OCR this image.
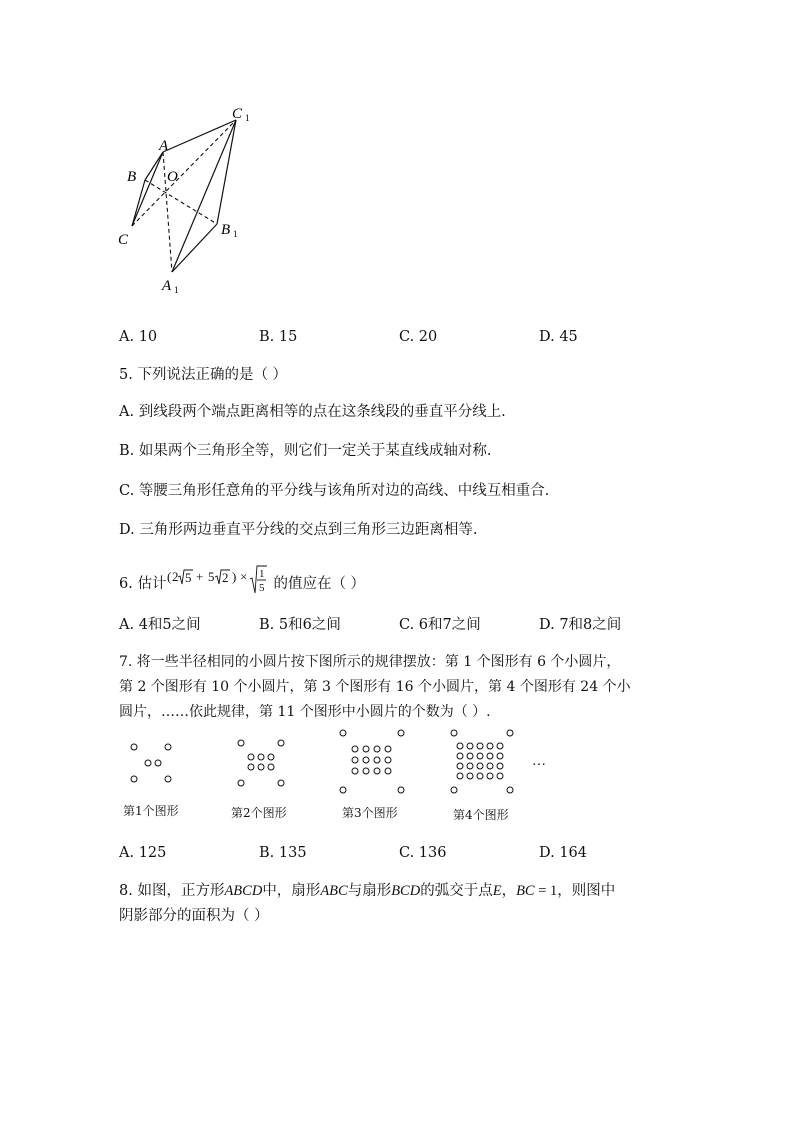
A
B O
C
C 1
B 1
A 1
A. 10	B. 15	C. 20	D. 45
5. 下列说法正确的是（ ）
A. 到线段两个端点距离相等的点在这条线段的垂直平分线上.
B. 如果两个三角形全等，则它们一定关于某直线成轴对称.
C. 等腰三角形任意角的平分线与该角所对边的高线、中线互相重合.
D. 三角形两边垂直平分线的交点到三角形三边距离相等.
6. 估计 ( 2 5 + 5 2 ) × 1
5 的值应在（ ）
A. 4和5之间	B. 5和6之间	C. 6和7之间	D. 7和8之间
7. 将一些半径相同的小圆片按下图所示的规律摆放：第 1 个图形有 6 个小圆片，
第 2 个图形有 10 个小圆片，第 3 个图形有 16 个小圆片，第 4 个图形有 24 个小
圆片，……依此规律，第 11 个图形中小圆片的个数为（ ）.
…
第1个图形	第2个图形	第3个图形	第4个图形
A. 125	B. 135	C. 136	D. 164
8. 如图，正方形ABCD中，扇形ABC与扇形BCD的弧交于点E，BC = 1，则图中
阴影部分的面积为（ ）
